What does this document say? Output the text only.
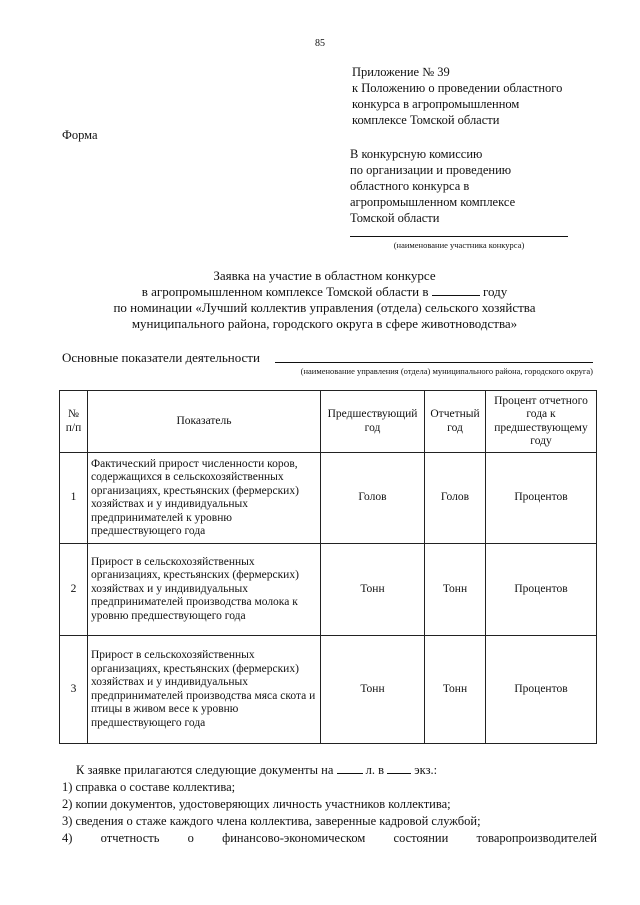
85
Приложение № 39
к Положению о проведении областного
конкурса в агропромышленном
комплексе Томской области
Форма
В конкурсную комиссию
по организации и проведению
областного конкурса в
агропромышленном комплексе
Томской области
(наименование участника конкурса)
Заявка на участие в областном конкурсе
в агропромышленном комплексе Томской области в	году
по номинации «Лучший коллектив управления (отдела) сельского хозяйства
муниципального района, городского округа в сфере животноводства»
Основные показатели деятельности
(наименование управления (отдела) муниципального района, городского округа)
№ п/п	Показатель	Предшествующий год	Отчетный год	Процент отчетного года к предшествующему году
1	Фактический прирост численности коров, содержащихся в сельскохозяйственных организациях, крестьянских (фермерских) хозяйствах и у индивидуальных предпринимателей к уровню предшествующего года	Голов	Голов	Процентов
2	Прирост в сельскохозяйственных организациях, крестьянских (фермерских) хозяйствах и у индивидуальных предпринимателей производства молока к уровню предшествующего года	Тонн	Тонн	Процентов
3	Прирост в сельскохозяйственных организациях, крестьянских (фермерских) хозяйствах и у индивидуальных предпринимателей производства мяса скота и птицы в живом весе к уровню предшествующего года	Тонн	Тонн	Процентов

К заявке прилагаются следующие документы на	л. в экз.:

1) справка о составе коллектива;

2) копии документов, удостоверяющих личность участников коллектива;

3) сведения о стаже каждого члена коллектива, заверенные кадровой службой;

4) отчетность о финансово-экономическом состоянии товаропроизводителей
